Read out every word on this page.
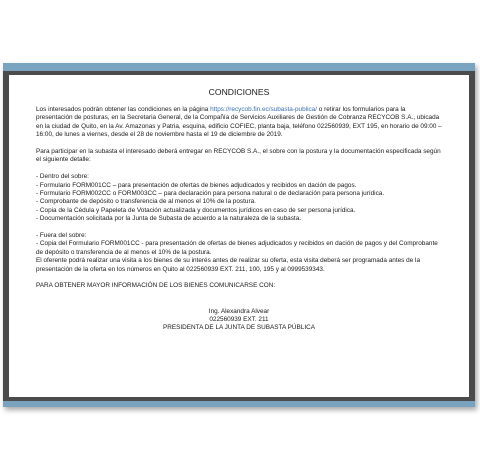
CONDICIONES

Los interesados podrán obtener las condiciones en la página https://recycob.fin.ec/subasta-publica/ o retirar los formularios para la presentación de posturas, en la Secretaria General, de la Compañía de Servicios Auxiliares de Gestión de Cobranza RECYCOB S.A., ubicada en la ciudad de Quito, en la Av. Amazonas y Patria, esquina, edificio COFIEC, planta baja, teléfono 022560939, EXT 195, en horario de 09:00 – 16:00, de lunes a viernes, desde el 28 de noviembre hasta el 19 de diciembre de 2019.

Para participar en la subasta el interesado deberá entregar en RECYCOB S.A., el sobre con la postura y la documentación especificada según el siguiente detalle:

- Dentro del sobre:

- Formulario FORM001CC – para presentación de ofertas de bienes adjudicados y recibidos en dación de pagos.

- Formulario FORM002CC o FORM003CC – para declaración para persona natural o de declaración para persona jurídica.

- Comprobante de depósito o transferencia de al menos el 10% de la postura.

- Copia de la Cédula y Papeleta de Votación actualizada y documentos jurídicos en caso de ser persona jurídica.

- Documentación solicitada por la Junta de Subasta de acuerdo a la naturaleza de la subasta.

- Fuera del sobre:

- Copia del Formulario FORM001CC - para presentación de ofertas de bienes adjudicados y recibidos en dación de pagos y del Comprobante de depósito o transferencia de al menos el 10% de la postura.

El oferente podrá realizar una visita a los bienes de su interés antes de realizar su oferta, esta visita deberá ser programada antes de la presentación de la oferta en los números en Quito al 022560939 EXT. 211, 100, 195 y al 0999539343.

PARA OBTENER MAYOR INFORMACIÓN DE LOS BIENES COMUNICARSE CON:

Ing. Alexandra Alvear

022560939 EXT. 211

PRESIDENTA DE LA JUNTA DE SUBASTA PÚBLICA
